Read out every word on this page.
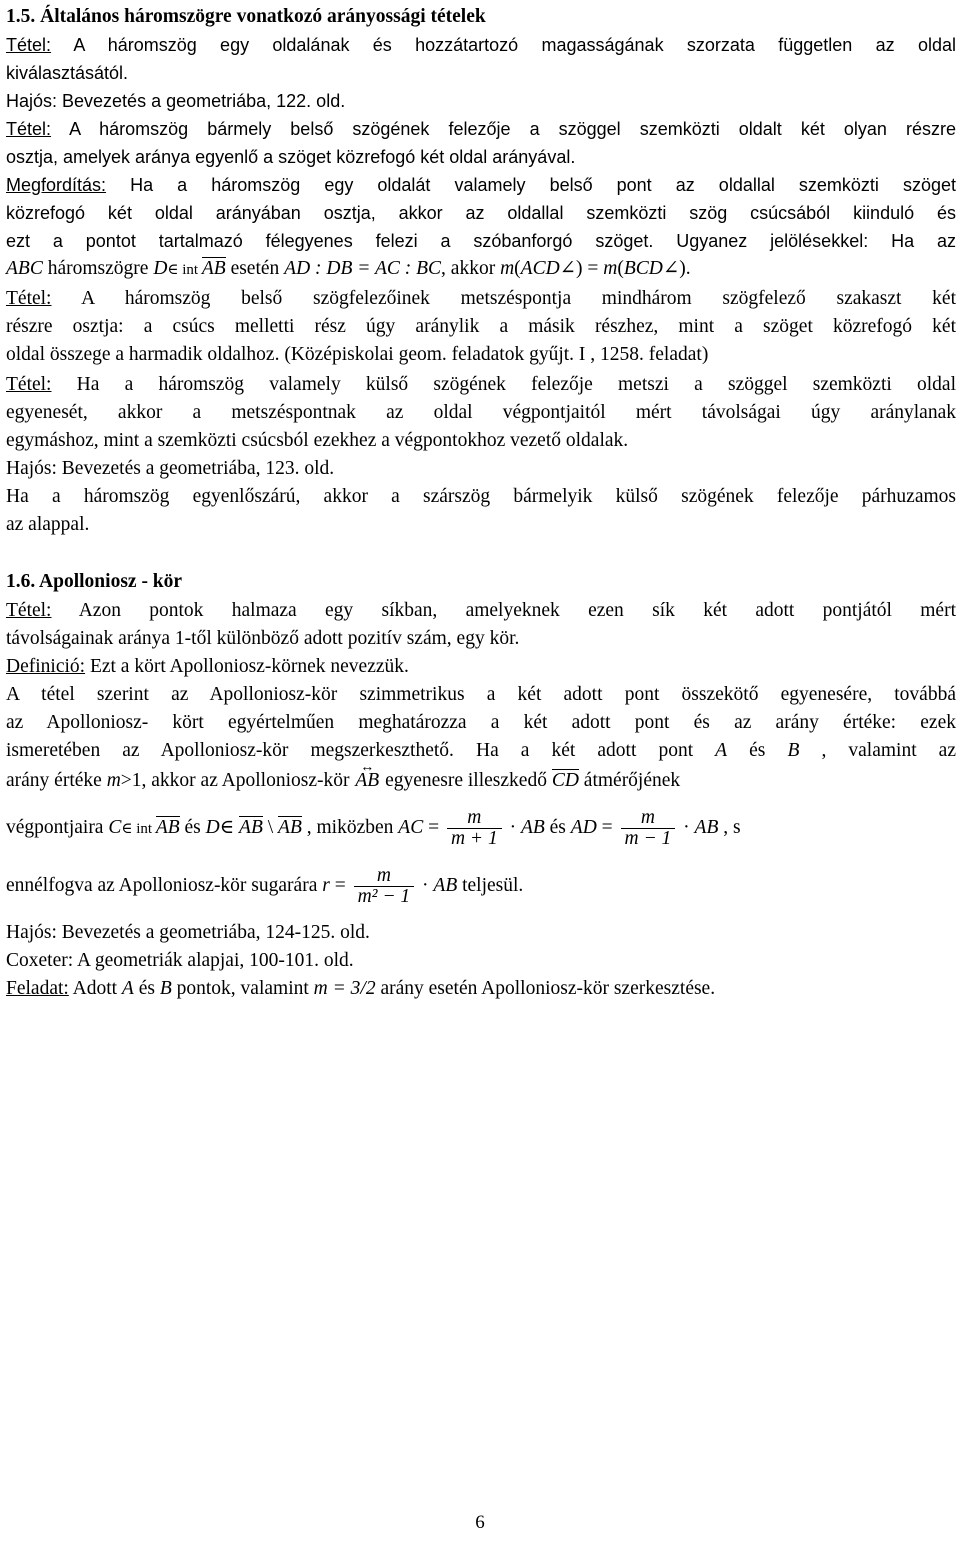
1.5. Általános háromszögre vonatkozó arányossági tételek
Tétel: A háromszög egy oldalának és hozzátartozó magasságának szorzata független az oldal
kiválasztásától.
Hajós: Bevezetés a geometriába, 122. old.
Tétel: A háromszög bármely belső szögének felezője a szöggel szemközti oldalt két olyan részre
osztja, amelyek aránya egyenlő a szöget közrefogó két oldal arányával.
Megfordítás: Ha a háromszög egy oldalát valamely belső pont az oldallal szemközti szöget
közrefogó két oldal arányában osztja, akkor az oldallal szemközti szög csúcsából kiinduló és
ezt a pontot tartalmazó félegyenes felezi a szóbanforgó szöget. Ugyanez jelölésekkel: Ha az
ABC háromszögre D∈ int AB esetén AD : DB = AC : BC, akkor m(ACD∠) = m(BCD∠).
Tétel: A háromszög belső szögfelezőinek metszéspontja mindhárom szögfelező szakaszt két
részre osztja: a csúcs melletti rész úgy aránylik a másik részhez, mint a szöget közrefogó két
oldal összege a harmadik oldalhoz. (Középiskolai geom. feladatok gyűjt. I , 1258. feladat)
Tétel: Ha a háromszög valamely külső szögének felezője metszi a szöggel szemközti oldal
egyenesét, akkor a metszéspontnak az oldal végpontjaitól mért távolságai úgy aránylanak
egymáshoz, mint a szemközti csúcsból ezekhez a végpontokhoz vezető oldalak.
Hajós: Bevezetés a geometriába, 123. old.
Ha a háromszög egyenlőszárú, akkor a szárszög bármelyik külső szögének felezője párhuzamos
az alappal.
1.6. Apolloniosz - kör
Tétel: Azon pontok halmaza egy síkban, amelyeknek ezen sík két adott pontjától mért
távolságainak aránya 1-től különböző adott pozitív szám, egy kör.
Definició: Ezt a kört Apolloniosz-körnek nevezzük.
A tétel szerint az Apolloniosz-kör szimmetrikus a két adott pont összekötő egyenesére, továbbá
az Apolloniosz- kört egyértelműen meghatározza a két adott pont és az arány értéke: ezek
ismeretében az Apolloniosz-kör megszerkeszthető. Ha a két adott pont A és B , valamint az
arány értéke m>1, akkor az Apolloniosz-kör ↔ AB egyenesre illeszkedő CD átmérőjének
végpontjaira C∈ int AB és D∈ AB \ AB , miközben AC = $\frac{m}{m + 1}$ · AB és AD = $\frac{m}{m - 1}$ · AB , s
ennélfogva az Apolloniosz-kör sugarára $r = \frac{m}{\text{m² − 1}}$ · AB teljesül.
Hajós: Bevezetés a geometriába, 124-125. old.
Coxeter: A geometriák alapjai, 100-101. old.
Feladat: Adott A és B pontok, valamint m = 3/2 arány esetén Apolloniosz-kör szerkesztése.
6
